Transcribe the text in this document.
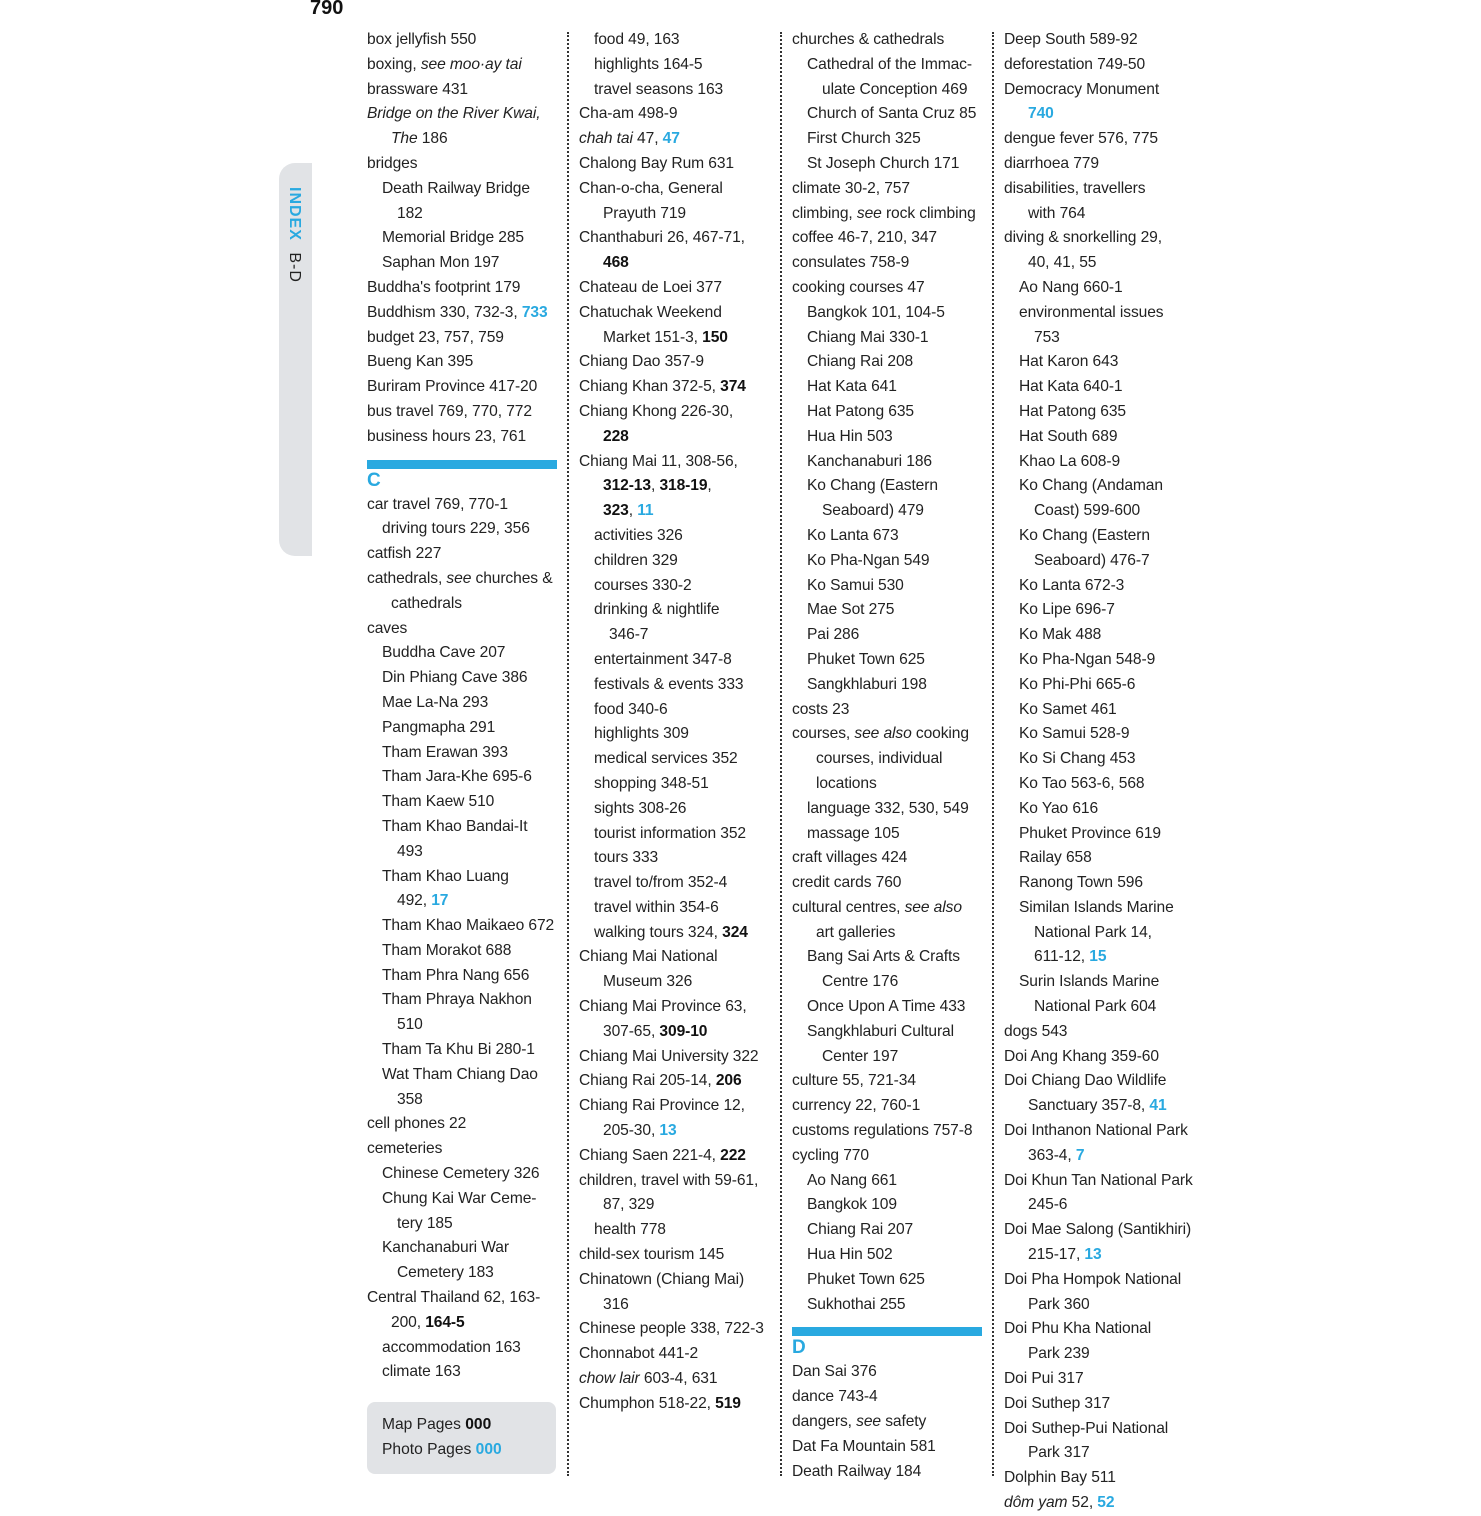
790
INDEX B-D
box jellyfish 550
boxing, see moo·ay tai
brassware 431
Bridge on the River Kwai,
The 186
bridges
Death Railway Bridge
182
Memorial Bridge 285
Saphan Mon 197
Buddha's footprint 179
Buddhism 330, 732-3, 733
budget 23, 757, 759
Bueng Kan 395
Buriram Province 417-20
bus travel 769, 770, 772
business hours 23, 761
C
car travel 769, 770-1
driving tours 229, 356
catfish 227
cathedrals, see churches &
cathedrals
caves
Buddha Cave 207
Din Phiang Cave 386
Mae La-Na 293
Pangmapha 291
Tham Erawan 393
Tham Jara-Khe 695-6
Tham Kaew 510
Tham Khao Bandai-It
493
Tham Khao Luang
492, 17
Tham Khao Maikaeo 672
Tham Morakot 688
Tham Phra Nang 656
Tham Phraya Nakhon
510
Tham Ta Khu Bi 280-1
Wat Tham Chiang Dao
358
cell phones 22
cemeteries
Chinese Cemetery 326
Chung Kai War Ceme-
tery 185
Kanchanaburi War
Cemetery 183
Central Thailand 62, 163-
200, 164-5
accommodation 163
climate 163
food 49, 163
highlights 164-5
travel seasons 163
Cha-am 498-9
chah tai 47, 47
Chalong Bay Rum 631
Chan-o-cha, General
Prayuth 719
Chanthaburi 26, 467-71,
468
Chateau de Loei 377
Chatuchak Weekend
Market 151-3, 150
Chiang Dao 357-9
Chiang Khan 372-5, 374
Chiang Khong 226-30,
228
Chiang Mai 11, 308-56,
312-13, 318-19,
323, 11
activities 326
children 329
courses 330-2
drinking & nightlife
346-7
entertainment 347-8
festivals & events 333
food 340-6
highlights 309
medical services 352
shopping 348-51
sights 308-26
tourist information 352
tours 333
travel to/from 352-4
travel within 354-6
walking tours 324, 324
Chiang Mai National
Museum 326
Chiang Mai Province 63,
307-65, 309-10
Chiang Mai University 322
Chiang Rai 205-14, 206
Chiang Rai Province 12,
205-30, 13
Chiang Saen 221-4, 222
children, travel with 59-61,
87, 329
health 778
child-sex tourism 145
Chinatown (Chiang Mai)
316
Chinese people 338, 722-3
Chonnabot 441-2
chow lair 603-4, 631
Chumphon 518-22, 519
churches & cathedrals
Cathedral of the Immac-
ulate Conception 469
Church of Santa Cruz 85
First Church 325
St Joseph Church 171
climate 30-2, 757
climbing, see rock climbing
coffee 46-7, 210, 347
consulates 758-9
cooking courses 47
Bangkok 101, 104-5
Chiang Mai 330-1
Chiang Rai 208
Hat Kata 641
Hat Patong 635
Hua Hin 503
Kanchanaburi 186
Ko Chang (Eastern
Seaboard) 479
Ko Lanta 673
Ko Pha-Ngan 549
Ko Samui 530
Mae Sot 275
Pai 286
Phuket Town 625
Sangkhlaburi 198
costs 23
courses, see also cooking
courses, individual
locations
language 332, 530, 549
massage 105
craft villages 424
credit cards 760
cultural centres, see also
art galleries
Bang Sai Arts & Crafts
Centre 176
Once Upon A Time 433
Sangkhlaburi Cultural
Center 197
culture 55, 721-34
currency 22, 760-1
customs regulations 757-8
cycling 770
Ao Nang 661
Bangkok 109
Chiang Rai 207
Hua Hin 502
Phuket Town 625
Sukhothai 255
D
Dan Sai 376
dance 743-4
dangers, see safety
Dat Fa Mountain 581
Death Railway 184
Deep South 589-92
deforestation 749-50
Democracy Monument
740
dengue fever 576, 775
diarrhoea 779
disabilities, travellers
with 764
diving & snorkelling 29,
40, 41, 55
Ao Nang 660-1
environmental issues
753
Hat Karon 643
Hat Kata 640-1
Hat Patong 635
Hat South 689
Khao La 608-9
Ko Chang (Andaman
Coast) 599-600
Ko Chang (Eastern
Seaboard) 476-7
Ko Lanta 672-3
Ko Lipe 696-7
Ko Mak 488
Ko Pha-Ngan 548-9
Ko Phi-Phi 665-6
Ko Samet 461
Ko Samui 528-9
Ko Si Chang 453
Ko Tao 563-6, 568
Ko Yao 616
Phuket Province 619
Railay 658
Ranong Town 596
Similan Islands Marine
National Park 14,
611-12, 15
Surin Islands Marine
National Park 604
dogs 543
Doi Ang Khang 359-60
Doi Chiang Dao Wildlife
Sanctuary 357-8, 41
Doi Inthanon National Park
363-4, 7
Doi Khun Tan National Park
245-6
Doi Mae Salong (Santikhiri)
215-17, 13
Doi Pha Hompok National
Park 360
Doi Phu Kha National
Park 239
Doi Pui 317
Doi Suthep 317
Doi Suthep-Pui National
Park 317
Dolphin Bay 511
dôm yam 52, 52
Map Pages 000
Photo Pages 000
